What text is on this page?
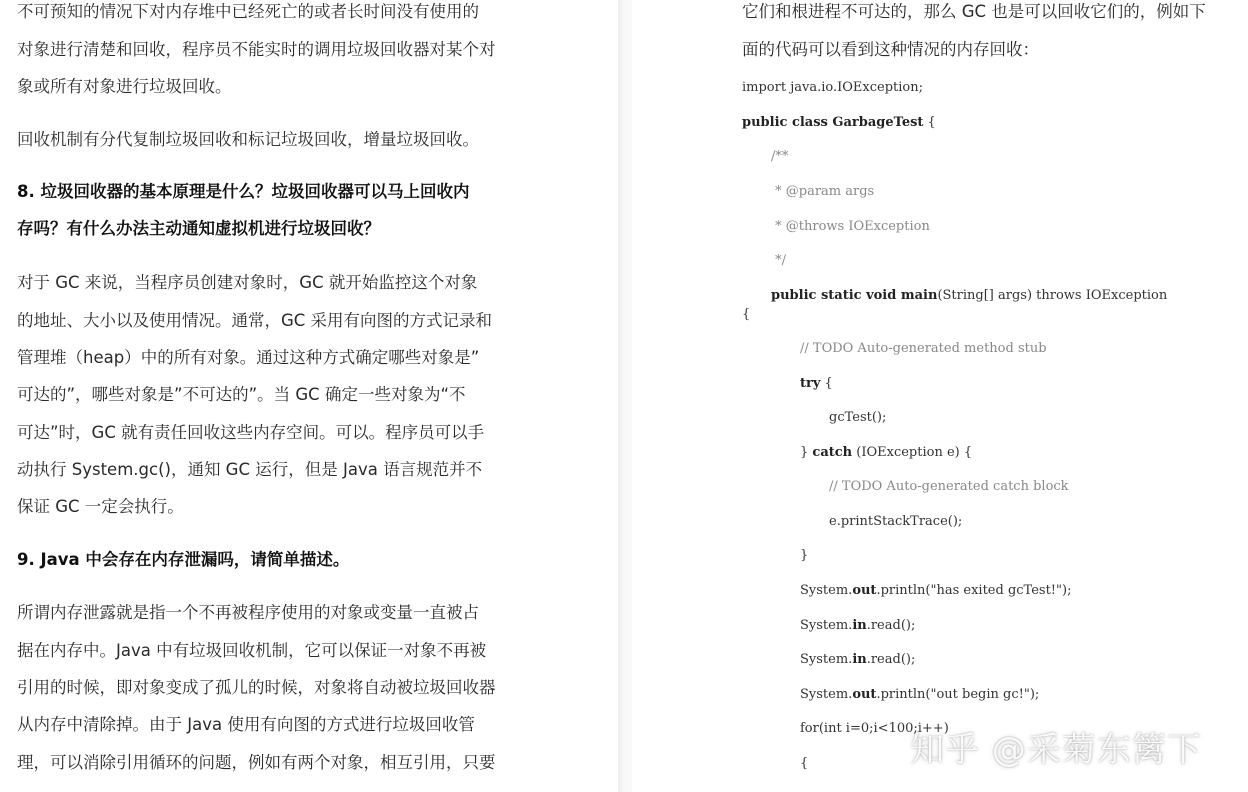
不可预知的情况下对内存堆中已经死亡的或者长时间没有使用的
对象进行清楚和回收，程序员不能实时的调用垃圾回收器对某个对
象或所有对象进行垃圾回收。
回收机制有分代复制垃圾回收和标记垃圾回收，增量垃圾回收。
8. 垃圾回收器的基本原理是什么？垃圾回收器可以马上回收内
存吗？有什么办法主动通知虚拟机进行垃圾回收？
对于 GC 来说，当程序员创建对象时，GC 就开始监控这个对象
的地址、大小以及使用情况。通常，GC 采用有向图的方式记录和
管理堆（heap）中的所有对象。通过这种方式确定哪些对象是”
可达的”，哪些对象是”不可达的”。当 GC 确定一些对象为“不
可达”时，GC 就有责任回收这些内存空间。可以。程序员可以手
动执行 System.gc()，通知 GC 运行，但是 Java 语言规范并不
保证 GC 一定会执行。
9. Java 中会存在内存泄漏吗，请简单描述。
所谓内存泄露就是指一个不再被程序使用的对象或变量一直被占
据在内存中。Java 中有垃圾回收机制，它可以保证一对象不再被
引用的时候，即对象变成了孤儿的时候，对象将自动被垃圾回收器
从内存中清除掉。由于 Java 使用有向图的方式进行垃圾回收管
理，可以消除引用循环的问题，例如有两个对象，相互引用，只要
它们和根进程不可达的，那么 GC 也是可以回收它们的，例如下
面的代码可以看到这种情况的内存回收：
import java.io.IOException;
public class GarbageTest {
/**
* @param args
* @throws IOException
*/
public static void main(String[] args) throws IOException
{
// TODO Auto-generated method stub
try {
gcTest();
} catch (IOException e) {
// TODO Auto-generated catch block
e.printStackTrace();
}
System.out.println("has exited gcTest!");
System.in.read();
System.in.read();
System.out.println("out begin gc!");
for(int i=0;i<100;i++)
{	知乎 @采菊东篱下
